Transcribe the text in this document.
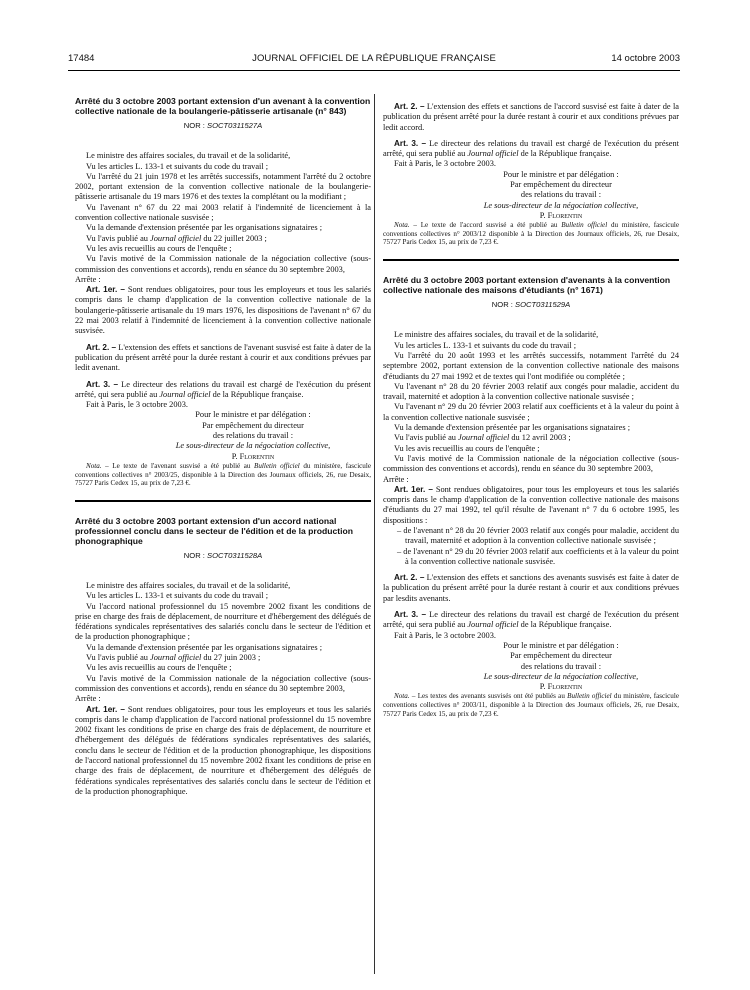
17484	JOURNAL OFFICIEL DE LA RÉPUBLIQUE FRANÇAISE	14 octobre 2003
Arrêté du 3 octobre 2003 portant extension d'un avenant à la convention collective nationale de la boulangerie-pâtisserie artisanale (n° 843)
NOR : SOCT0311527A

Le ministre des affaires sociales, du travail et de la solidarité,

Vu les articles L. 133-1 et suivants du code du travail ;

Vu l'arrêté du 21 juin 1978 et les arrêtés successifs, notamment l'arrêté du 2 octobre 2002, portant extension de la convention collective nationale de la boulangerie-pâtisserie artisanale du 19 mars 1976 et des textes la complétant ou la modifiant ;

Vu l'avenant n° 67 du 22 mai 2003 relatif à l'indemnité de licenciement à la convention collective nationale susvisée ;

Vu la demande d'extension présentée par les organisations signataires ;

Vu l'avis publié au Journal officiel du 22 juillet 2003 ;

Vu les avis recueillis au cours de l'enquête ;

Vu l'avis motivé de la Commission nationale de la négociation collective (sous-commission des conventions et accords), rendu en séance du 30 septembre 2003,

Arrête :

Art. 1er. – Sont rendues obligatoires, pour tous les employeurs et tous les salariés compris dans le champ d'application de la convention collective nationale de la boulangerie-pâtisserie artisanale du 19 mars 1976, les dispositions de l'avenant n° 67 du 22 mai 2003 relatif à l'indemnité de licenciement à la convention collective nationale susvisée.

Art. 2. – L'extension des effets et sanctions de l'avenant susvisé est faite à dater de la publication du présent arrêté pour la durée restant à courir et aux conditions prévues par ledit avenant.

Art. 3. – Le directeur des relations du travail est chargé de l'exécution du présent arrêté, qui sera publié au Journal officiel de la République française.

Fait à Paris, le 3 octobre 2003.

Pour le ministre et par délégation :
Par empêchement du directeur
des relations du travail :
Le sous-directeur de la négociation collective,
P. Florentin

Nota. – Le texte de l'avenant susvisé a été publié au Bulletin officiel du ministère, fascicule conventions collectives n° 2003/25, disponible à la Direction des Journaux officiels, 26, rue Desaix, 75727 Paris Cedex 15, au prix de 7,23 €.

Arrêté du 3 octobre 2003 portant extension d'un accord national professionnel conclu dans le secteur de l'édition et de la production phonographique
NOR : SOCT0311528A

Le ministre des affaires sociales, du travail et de la solidarité,

Vu les articles L. 133-1 et suivants du code du travail ;

Vu l'accord national professionnel du 15 novembre 2002 fixant les conditions de prise en charge des frais de déplacement, de nourriture et d'hébergement des délégués de fédérations syndicales représentatives des salariés conclu dans le secteur de l'édition et de la production phonographique ;

Vu la demande d'extension présentée par les organisations signataires ;

Vu l'avis publié au Journal officiel du 27 juin 2003 ;

Vu les avis recueillis au cours de l'enquête ;

Vu l'avis motivé de la Commission nationale de la négociation collective (sous-commission des conventions et accords), rendu en séance du 30 septembre 2003,

Arrête :

Art. 1er. – Sont rendues obligatoires, pour tous les employeurs et tous les salariés compris dans le champ d'application de l'accord national professionnel du 15 novembre 2002 fixant les conditions de prise en charge des frais de déplacement, de nourriture et d'hébergement des délégués de fédérations syndicales représentatives des salariés, conclu dans le secteur de l'édition et de la production phonographique, les dispositions de l'accord national professionnel du 15 novembre 2002 fixant les conditions de prise en charge des frais de déplacement, de nourriture et d'hébergement des délégués de fédérations syndicales représentatives des salariés conclu dans le secteur de l'édition et de la production phonographique.

Art. 2. – L'extension des effets et sanctions de l'accord susvisé est faite à dater de la publication du présent arrêté pour la durée restant à courir et aux conditions prévues par ledit accord.

Art. 3. – Le directeur des relations du travail est chargé de l'exécution du présent arrêté, qui sera publié au Journal officiel de la République française.

Fait à Paris, le 3 octobre 2003.

Pour le ministre et par délégation :
Par empêchement du directeur
des relations du travail :
Le sous-directeur de la négociation collective,
P. Florentin

Nota. – Le texte de l'accord susvisé a été publié au Bulletin officiel du ministère, fascicule conventions collectives n° 2003/12 disponible à la Direction des Journaux officiels, 26, rue Desaix, 75727 Paris Cedex 15, au prix de 7,23 €.

Arrêté du 3 octobre 2003 portant extension d'avenants à la convention collective nationale des maisons d'étudiants (n° 1671)
NOR : SOCT0311529A

Le ministre des affaires sociales, du travail et de la solidarité,

Vu les articles L. 133-1 et suivants du code du travail ;

Vu l'arrêté du 20 août 1993 et les arrêtés successifs, notamment l'arrêté du 24 septembre 2002, portant extension de la convention collective nationale des maisons d'étudiants du 27 mai 1992 et de textes qui l'ont modifiée ou complétée ;

Vu l'avenant n° 28 du 20 février 2003 relatif aux congés pour maladie, accident du travail, maternité et adoption à la convention collective nationale susvisée ;

Vu l'avenant n° 29 du 20 février 2003 relatif aux coefficients et à la valeur du point à la convention collective nationale susvisée ;

Vu la demande d'extension présentée par les organisations signataires ;

Vu l'avis publié au Journal officiel du 12 avril 2003 ;

Vu les avis recueillis au cours de l'enquête ;

Vu l'avis motivé de la Commission nationale de la négociation collective (sous-commission des conventions et accords), rendu en séance du 30 septembre 2003,

Arrête :

Art. 1er. – Sont rendues obligatoires, pour tous les employeurs et tous les salariés compris dans le champ d'application de la convention collective nationale des maisons d'étudiants du 27 mai 1992, tel qu'il résulte de l'avenant n° 7 du 6 octobre 1995, les dispositions :

– de l'avenant n° 28 du 20 février 2003 relatif aux congés pour maladie, accident du travail, maternité et adoption à la convention collective nationale susvisée ;
– de l'avenant n° 29 du 20 février 2003 relatif aux coefficients et à la valeur du point à la convention collective nationale susvisée.

Art. 2. – L'extension des effets et sanctions des avenants susvisés est faite à dater de la publication du présent arrêté pour la durée restant à courir et aux conditions prévues par lesdits avenants.

Art. 3. – Le directeur des relations du travail est chargé de l'exécution du présent arrêté, qui sera publié au Journal officiel de la République française.

Fait à Paris, le 3 octobre 2003.

Pour le ministre et par délégation :
Par empêchement du directeur
des relations du travail :
Le sous-directeur de la négociation collective,
P. Florentin

Nota. – Les textes des avenants susvisés ont été publiés au Bulletin officiel du ministère, fascicule conventions collectives n° 2003/11, disponible à la Direction des Journaux officiels, 26, rue Desaix, 75727 Paris Cedex 15, au prix de 7,23 €.
